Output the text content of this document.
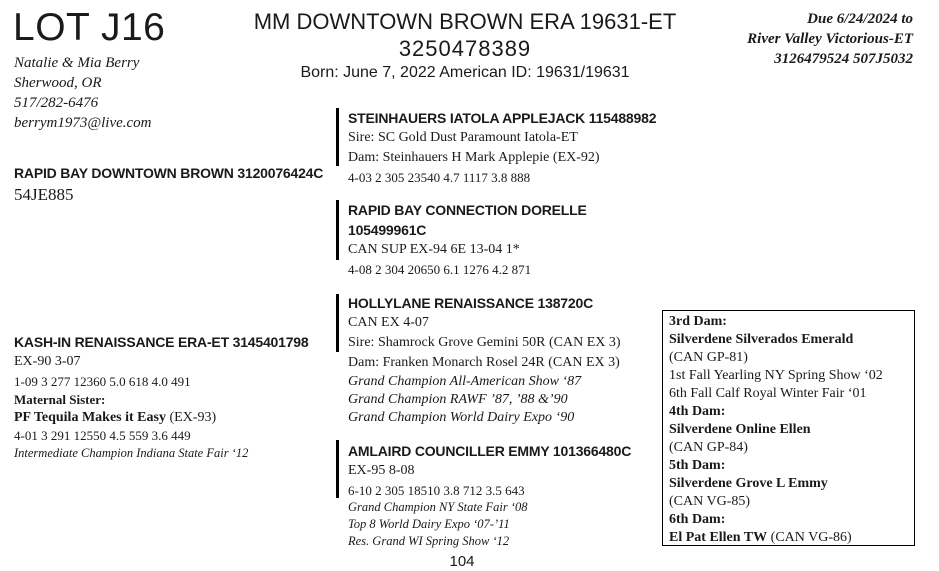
LOT J16
Natalie & Mia Berry
Sherwood, OR
517/282-6476
berrym1973@live.com
MM DOWNTOWN BROWN ERA 19631-ET
3250478389
Born: June 7, 2022 American ID: 19631/19631
Due 6/24/2024 to
River Valley Victorious-ET
3126479524 507J5032
RAPID BAY DOWNTOWN BROWN 3120076424C
54JE885
STEINHAUERS IATOLA APPLEJACK 115488982
Sire: SC Gold Dust Paramount Iatola-ET
Dam: Steinhauers H Mark Applepie (EX-92)
4-03 2 305 23540 4.7 1117 3.8 888
RAPID BAY CONNECTION DORELLE
105499961C
CAN SUP EX-94 6E 13-04 1*
4-08 2 304 20650 6.1 1276 4.2 871
KASH-IN RENAISSANCE ERA-ET 3145401798
EX-90 3-07
1-09 3 277 12360 5.0 618 4.0 491
Maternal Sister:
PF Tequila Makes it Easy (EX-93)
4-01 3 291 12550 4.5 559 3.6 449
Intermediate Champion Indiana State Fair ‘12
HOLLYLANE RENAISSANCE 138720C
CAN EX 4-07
Sire: Shamrock Grove Gemini 50R (CAN EX 3)
Dam: Franken Monarch Rosel 24R (CAN EX 3)
Grand Champion All-American Show ‘87
Grand Champion RAWF ’87, ’88 &’90
Grand Champion World Dairy Expo ‘90
AMLAIRD COUNCILLER EMMY 101366480C
EX-95 8-08
6-10 2 305 18510 3.8 712 3.5 643
Grand Champion NY State Fair ‘08
Top 8 World Dairy Expo ‘07-’11
Res. Grand WI Spring Show ‘12
3rd Dam:
Silverdene Silverados Emerald
(CAN GP-81)
1st Fall Yearling NY Spring Show ‘02
6th Fall Calf Royal Winter Fair ‘01
4th Dam:
Silverdene Online Ellen
(CAN GP-84)
5th Dam:
Silverdene Grove L Emmy
(CAN VG-85)
6th Dam:
El Pat Ellen TW (CAN VG-86)
104
